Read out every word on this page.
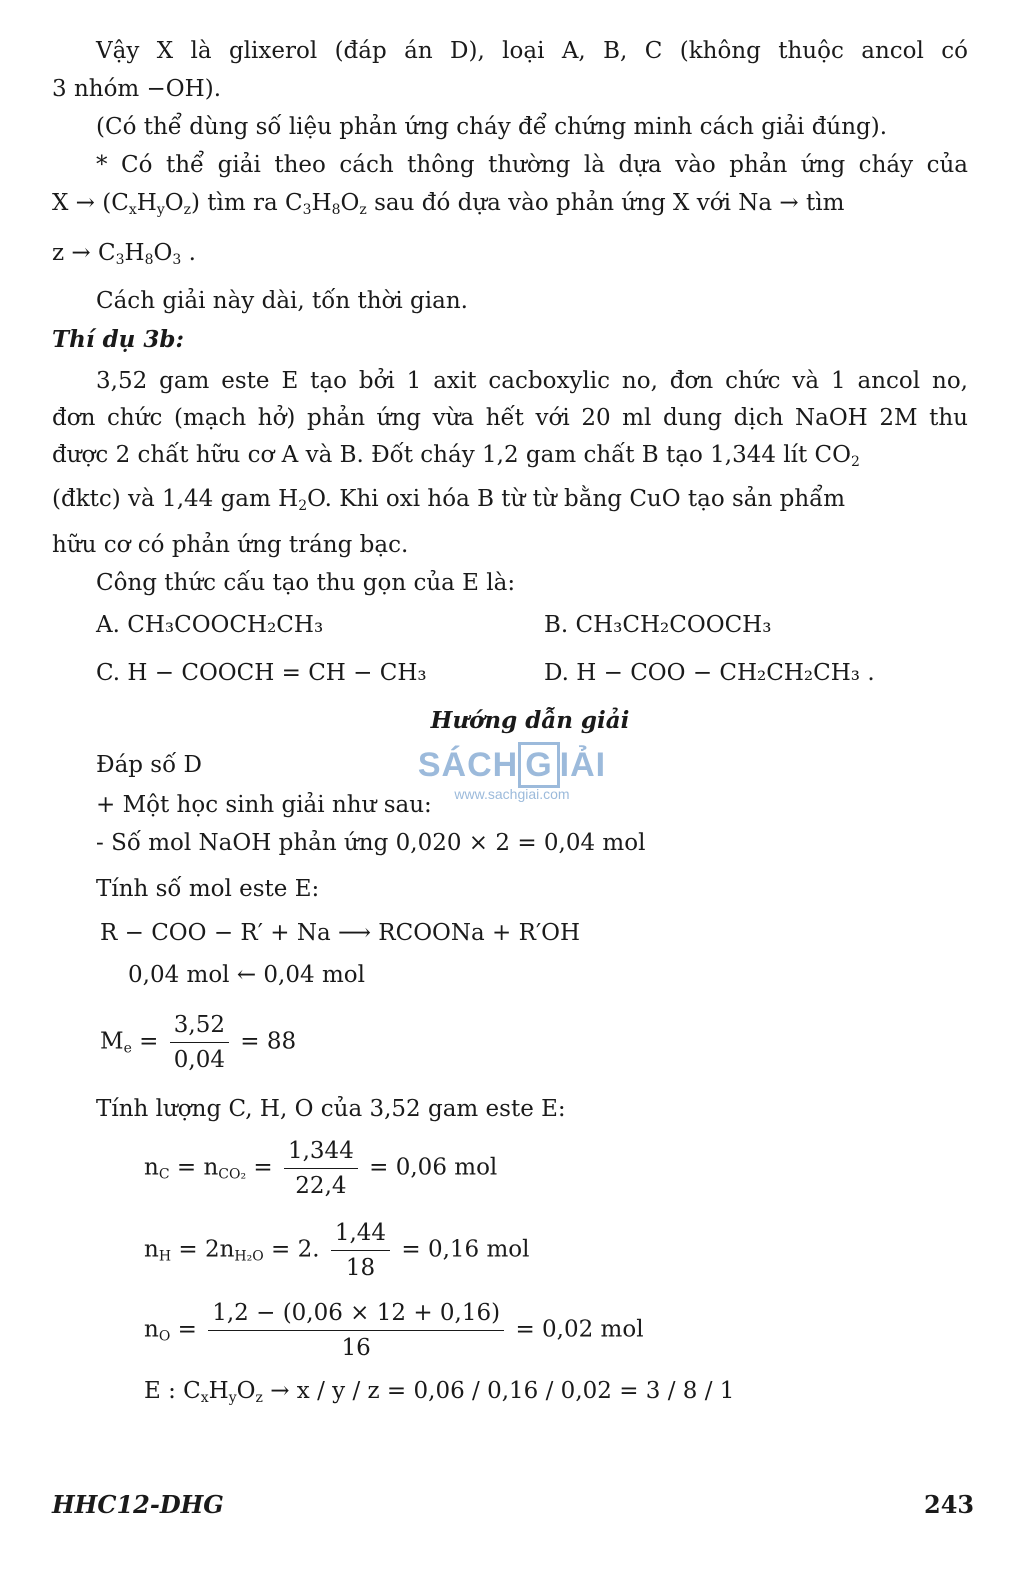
Vậy X là glixerol (đáp án D), loại A, B, C (không thuộc ancol có
3 nhóm −OH).
(Có thể dùng số liệu phản ứng cháy để chứng minh cách giải đúng).
* Có thể giải theo cách thông thường là dựa vào phản ứng cháy của
$X \to (C_xH_yO_z)$ tìm ra $C_3H_8O_z$ sau đó dựa vào phản ứng X với Na → tìm
$z \to C_3H_8O_3$ .
Cách giải này dài, tốn thời gian.
Thí dụ 3b:
3,52 gam este E tạo bởi 1 axit cacboxylic no, đơn chức và 1 ancol no,
đơn chức (mạch hở) phản ứng vừa hết với 20 ml dung dịch NaOH 2M thu
được 2 chất hữu cơ A và B. Đốt cháy 1,2 gam chất B tạo 1,344 lít $CO_2$
(đktc) và 1,44 gam $H_2O$. Khi oxi hóa B từ từ bằng CuO tạo sản phẩm
hữu cơ có phản ứng tráng bạc.
Công thức cấu tạo thu gọn của E là:
A. CH₃COOCH₂CH₃	B. CH₃CH₂COOCH₃
C. H − COOCH = CH − CH₃	D. H − COO − CH₂CH₂CH₃ .
Hướng dẫn giải
Đáp số D
+ Một học sinh giải như sau:
- Số mol NaOH phản ứng 0,020 × 2 = 0,04 mol
Tính số mol este E:
R − COO − R′ + Na ⟶ RCOONa + R′OH
0,04 mol ← 0,04 mol
$M_e = \frac{3,52}{0,04} = 88$
Tính lượng C, H, O của 3,52 gam este E:
$n_C = n_{CO_2} = \frac{1,344}{22,4} = 0,06$ mol
$n_H = 2n_{H_2O} = 2$. $\frac{1,44}{18} = 0,16$ mol
$n_O = \frac{1,2 - (0,06 \times 12 + 0,16)}{16} = 0,02$ mol
E : $C_xH_yO_z \to x / y / z = 0,06 / 0,16 / 0,02 = 3 / 8 / 1$
SÁCH G IẢI
www.sachgiai.com
HHC12-DHG	243
